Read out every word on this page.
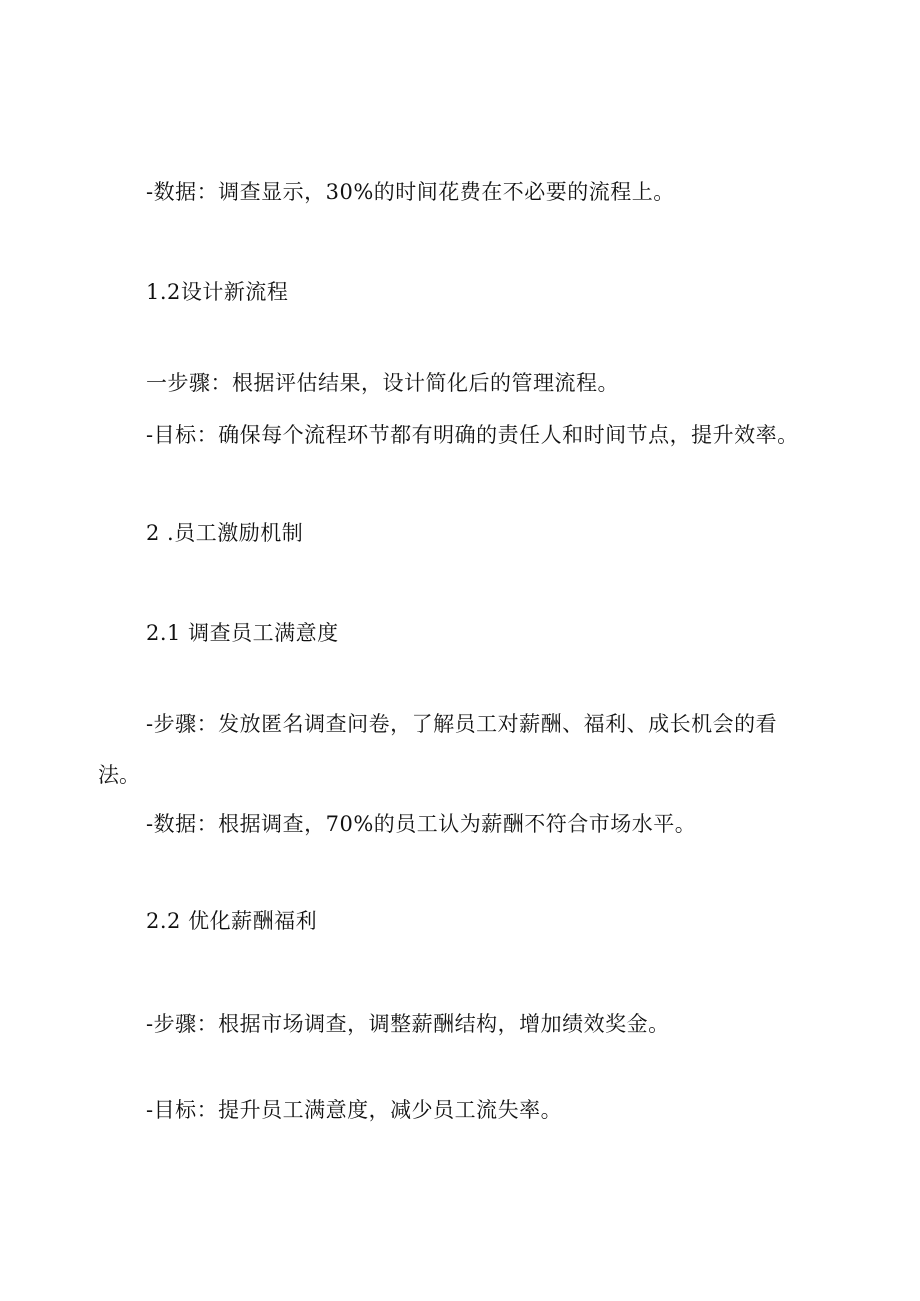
-数据：调查显示，30%的时间花费在不必要的流程上。
1.2设计新流程
一步骤：根据评估结果，设计简化后的管理流程。
-目标：确保每个流程环节都有明确的责任人和时间节点，提升效率。
2 .员工激励机制
2.1 调查员工满意度
-步骤：发放匿名调查问卷，了解员工对薪酬、福利、成长机会的看
法。
-数据：根据调查，70%的员工认为薪酬不符合市场水平。
2.2 优化薪酬福利
-步骤：根据市场调查，调整薪酬结构，增加绩效奖金。
-目标：提升员工满意度，减少员工流失率。
